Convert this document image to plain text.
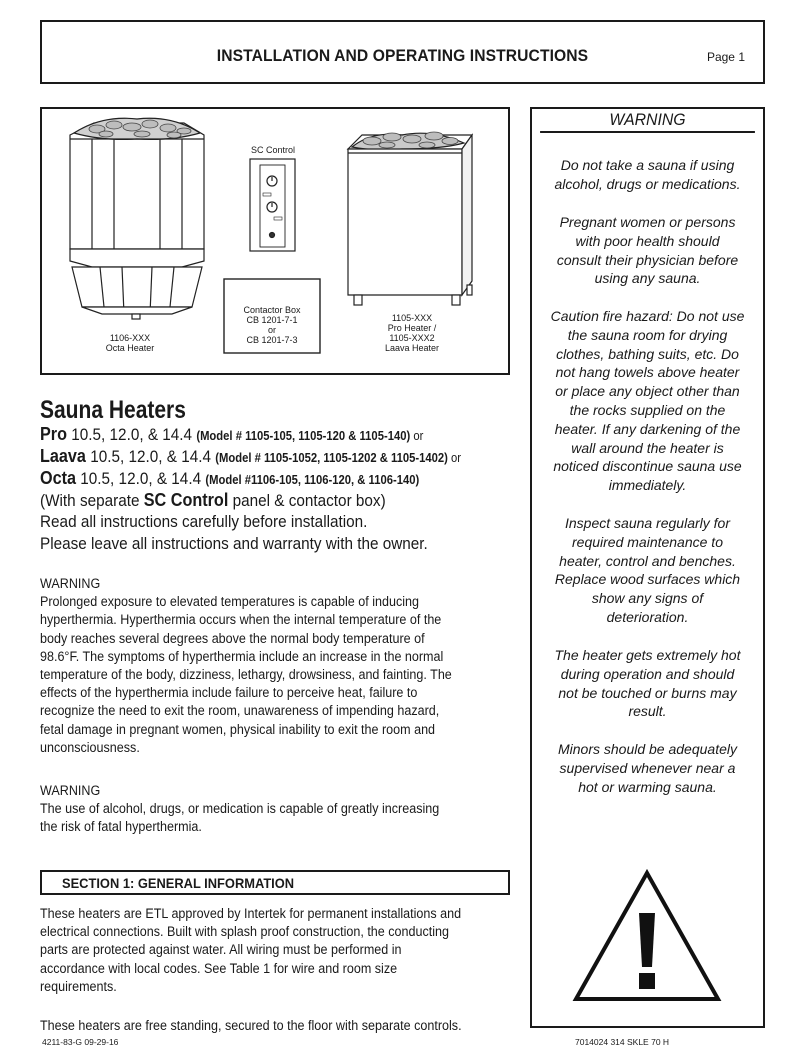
INSTALLATION AND OPERATING INSTRUCTIONS	Page 1
1106-XXX
Octa Heater
SC Control
Contactor Box
CB 1201-7-1
or
CB 1201-7-3
1105-XXX
Pro Heater /
1105-XXX2
Laava Heater
WARNING
Do not take a sauna if using
alcohol, drugs or medications.
Pregnant women or persons
with poor health should
consult their physician before
using any sauna.
Caution fire hazard: Do not use
the sauna room for drying
clothes, bathing suits, etc. Do
not hang towels above heater
or place any object other than
the rocks supplied on the
heater. If any darkening of the
wall around the heater is
noticed discontinue sauna use
immediately.
Inspect sauna regularly for
required maintenance to
heater, control and benches.
Replace wood surfaces which
show any signs of
deterioration.
The heater gets extremely hot
during operation and should
not be touched or burns may
result.
Minors should be adequately
supervised whenever near a
hot or warming sauna.
Sauna Heaters
Pro 10.5, 12.0, & 14.4 (Model # 1105-105, 1105-120 & 1105-140) or
Laava 10.5, 12.0, & 14.4 (Model # 1105-1052, 1105-1202 & 1105-1402) or
Octa 10.5, 12.0, & 14.4 (Model #1106-105, 1106-120, & 1106-140)
(With separate SC Control panel & contactor box)
Read all instructions carefully before installation.
Please leave all instructions and warranty with the owner.
WARNING
Prolonged exposure to elevated temperatures is capable of inducing
hyperthermia. Hyperthermia occurs when the internal temperature of the
body reaches several degrees above the normal body temperature of
98.6°F. The symptoms of hyperthermia include an increase in the normal
temperature of the body, dizziness, lethargy, drowsiness, and fainting. The
effects of the hyperthermia include failure to perceive heat, failure to
recognize the need to exit the room, unawareness of impending hazard,
fetal damage in pregnant women, physical inability to exit the room and
unconsciousness.
WARNING
The use of alcohol, drugs, or medication is capable of greatly increasing
the risk of fatal hyperthermia.
SECTION 1: GENERAL INFORMATION
These heaters are ETL approved by Intertek for permanent installations and
electrical connections. Built with splash proof construction, the conducting
parts are protected against water. All wiring must be performed in
accordance with local codes. See Table 1 for wire and room size
requirements.
These heaters are free standing, secured to the floor with separate controls.
4211-83-G 09-29-16	7014024 314 SKLE 70 H
